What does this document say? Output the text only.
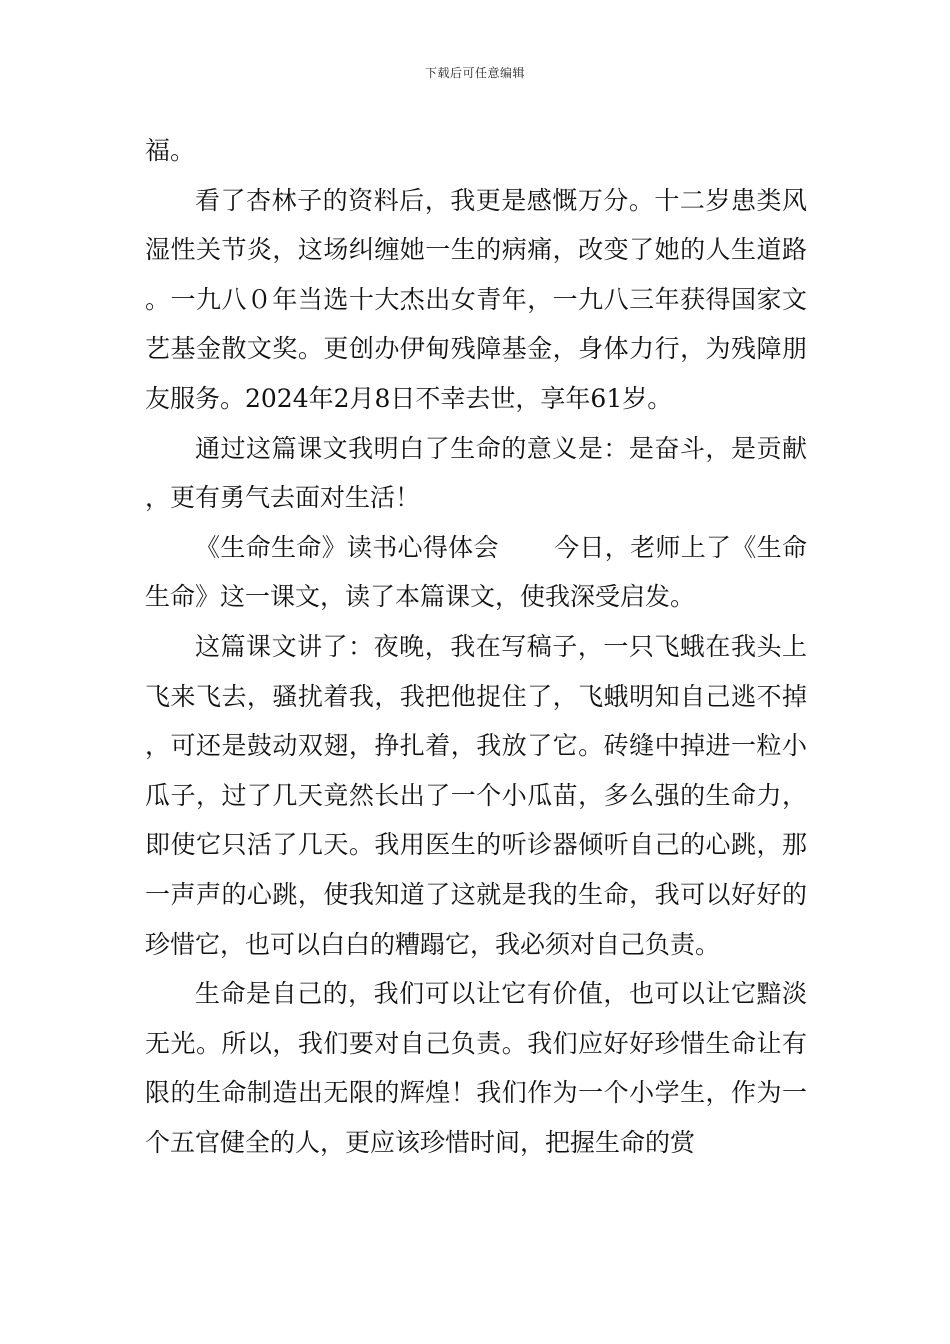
下载后可任意编辑

福。

看了杏林子的资料后，我更是感慨万分。十二岁患类风湿性关节炎，这场纠缠她一生的病痛，改变了她的人生道路。一九八０年当选十大杰出女青年，一九八三年获得国家文艺基金散文奖。更创办伊甸残障基金，身体力行，为残障朋友服务。2024年2月8日不幸去世，享年61岁。

通过这篇课文我明白了生命的意义是：是奋斗，是贡献，更有勇气去面对生活！

《生命生命》读书心得体会 今日，老师上了《生命生命》这一课文，读了本篇课文，使我深受启发。

这篇课文讲了：夜晚，我在写稿子，一只飞蛾在我头上飞来飞去，骚扰着我，我把他捉住了，飞蛾明知自己逃不掉，可还是鼓动双翅，挣扎着，我放了它。砖缝中掉进一粒小瓜子，过了几天竟然长出了一个小瓜苗，多么强的生命力，即使它只活了几天。我用医生的听诊器倾听自己的心跳，那一声声的心跳，使我知道了这就是我的生命，我可以好好的珍惜它，也可以白白的糟蹋它，我必须对自己负责。

生命是自己的，我们可以让它有价值，也可以让它黯淡无光。所以，我们要对自己负责。我们应好好珍惜生命让有限的生命制造出无限的辉煌！我们作为一个小学生，作为一个五官健全的人，更应该珍惜时间，把握生命的赏
